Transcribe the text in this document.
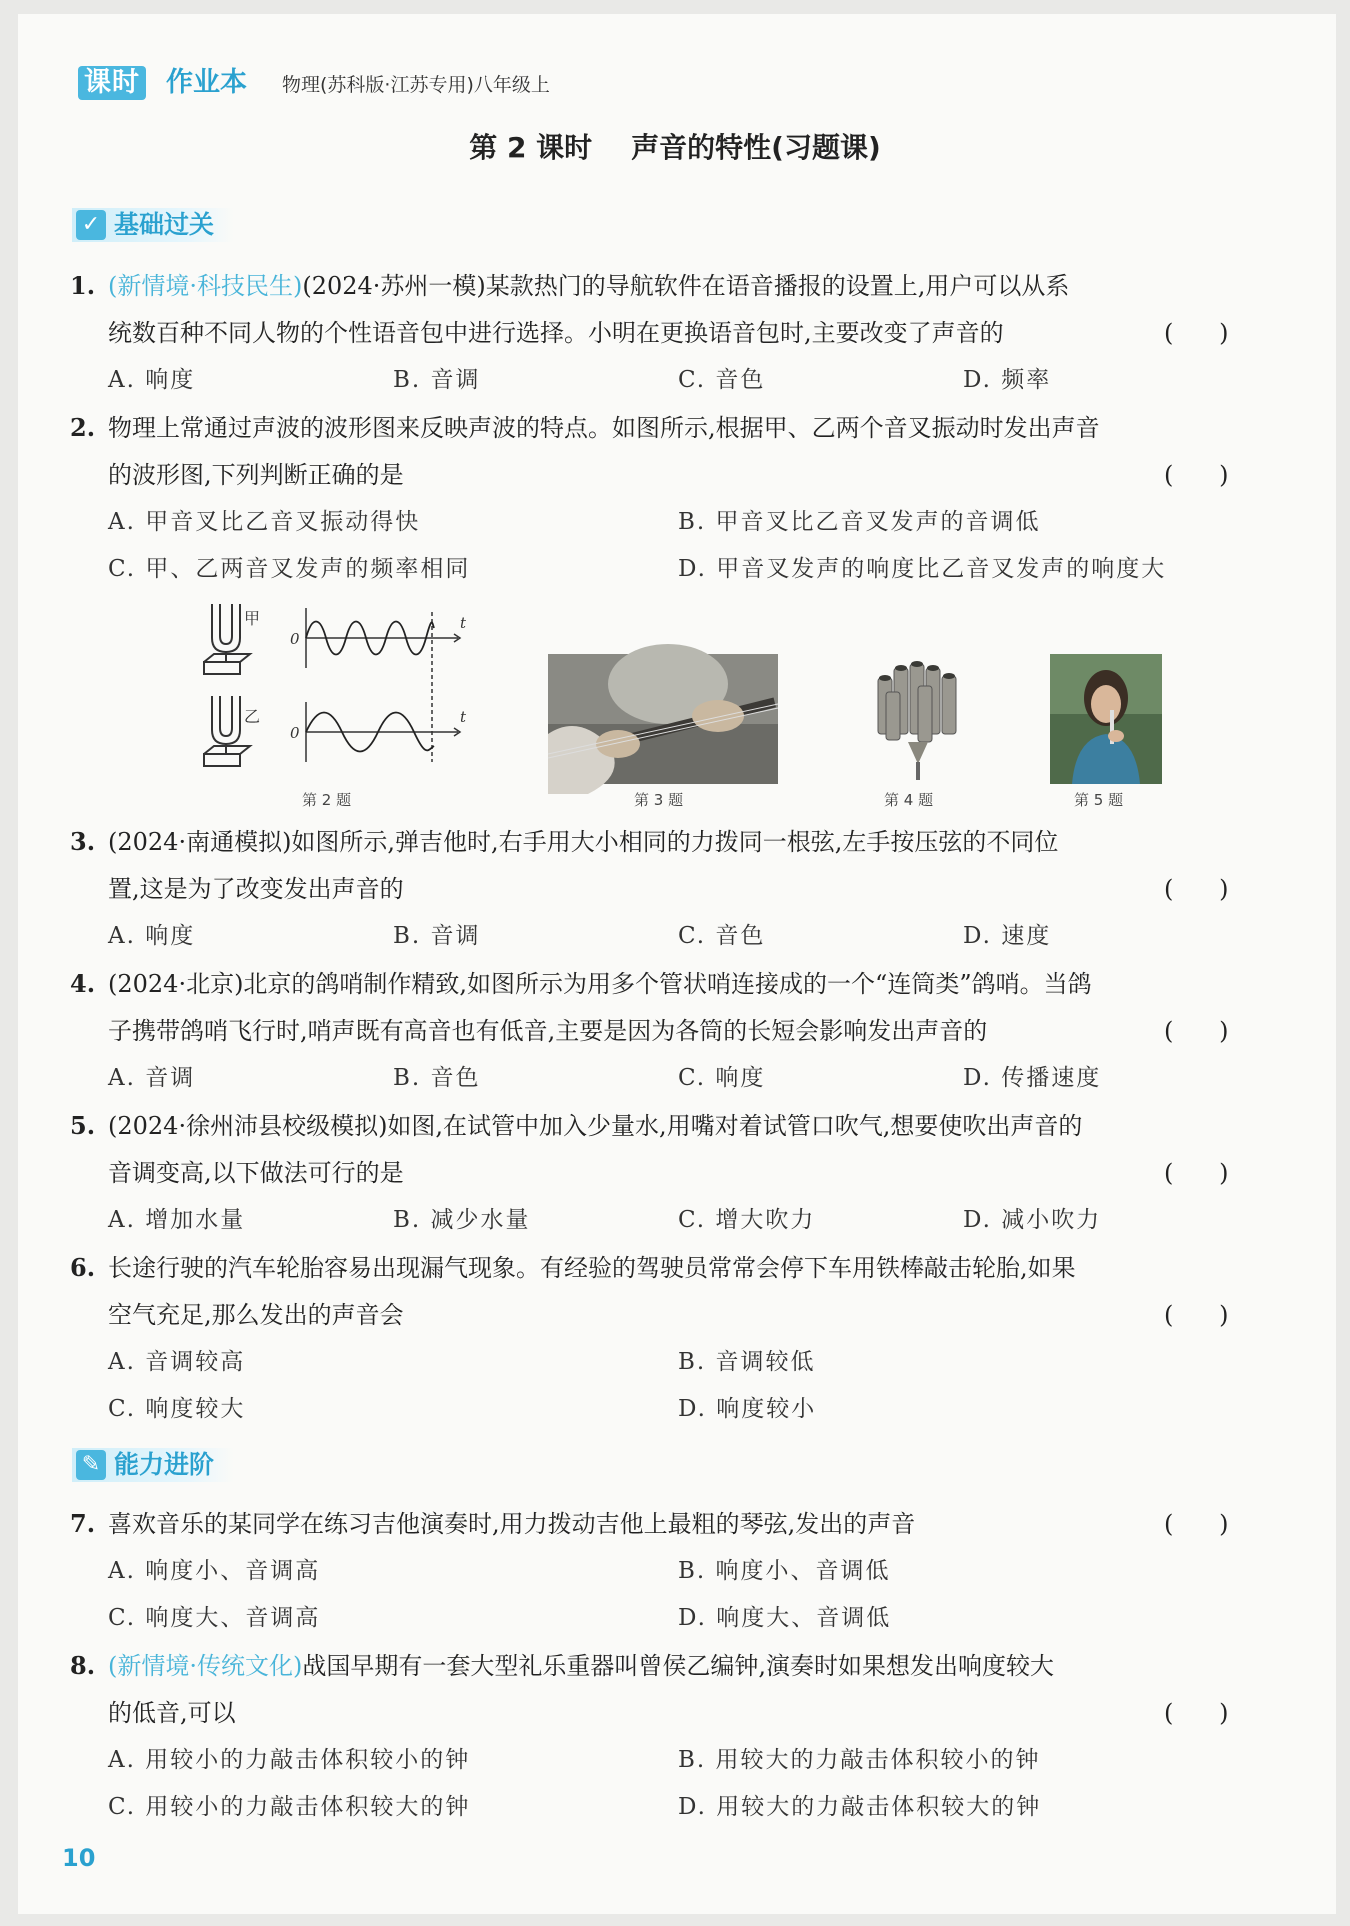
课时 作业本 物理(苏科版·江苏专用)八年级上
第 2 课时    声音的特性(习题课)
✓ 基础过关
1. (新情境·科技民生)(2024·苏州一模)某款热门的导航软件在语音播报的设置上,用户可以从系
统数百种不同人物的个性语音包中进行选择。小明在更换语音包时,主要改变了声音的	(      )
A. 响度	B. 音调	C. 音色	D. 频率
2. 物理上常通过声波的波形图来反映声波的特点。如图所示,根据甲、乙两个音叉振动时发出声音
的波形图,下列判断正确的是	(      )
A. 甲音叉比乙音叉振动得快	B. 甲音叉比乙音叉发声的音调低
C. 甲、乙两音叉发声的频率相同	D. 甲音叉发声的响度比乙音叉发声的响度大
甲
乙
0
t
0
t
第 2 题	第 3 题	第 4 题	第 5 题
3. (2024·南通模拟)如图所示,弹吉他时,右手用大小相同的力拨同一根弦,左手按压弦的不同位
置,这是为了改变发出声音的	(      )
A. 响度	B. 音调	C. 音色	D. 速度
4. (2024·北京)北京的鸽哨制作精致,如图所示为用多个管状哨连接成的一个“连筒类”鸽哨。当鸽
子携带鸽哨飞行时,哨声既有高音也有低音,主要是因为各筒的长短会影响发出声音的	(      )
A. 音调	B. 音色	C. 响度	D. 传播速度
5. (2024·徐州沛县校级模拟)如图,在试管中加入少量水,用嘴对着试管口吹气,想要使吹出声音的
音调变高,以下做法可行的是	(      )
A. 增加水量	B. 减少水量	C. 增大吹力	D. 减小吹力
6. 长途行驶的汽车轮胎容易出现漏气现象。有经验的驾驶员常常会停下车用铁棒敲击轮胎,如果
空气充足,那么发出的声音会	(      )
A. 音调较高	B. 音调较低
C. 响度较大	D. 响度较小
✎ 能力进阶
7. 喜欢音乐的某同学在练习吉他演奏时,用力拨动吉他上最粗的琴弦,发出的声音	(      )
A. 响度小、音调高	B. 响度小、音调低
C. 响度大、音调高	D. 响度大、音调低
8. (新情境·传统文化)战国早期有一套大型礼乐重器叫曾侯乙编钟,演奏时如果想发出响度较大
的低音,可以	(      )
A. 用较小的力敲击体积较小的钟	B. 用较大的力敲击体积较小的钟
C. 用较小的力敲击体积较大的钟	D. 用较大的力敲击体积较大的钟
10
